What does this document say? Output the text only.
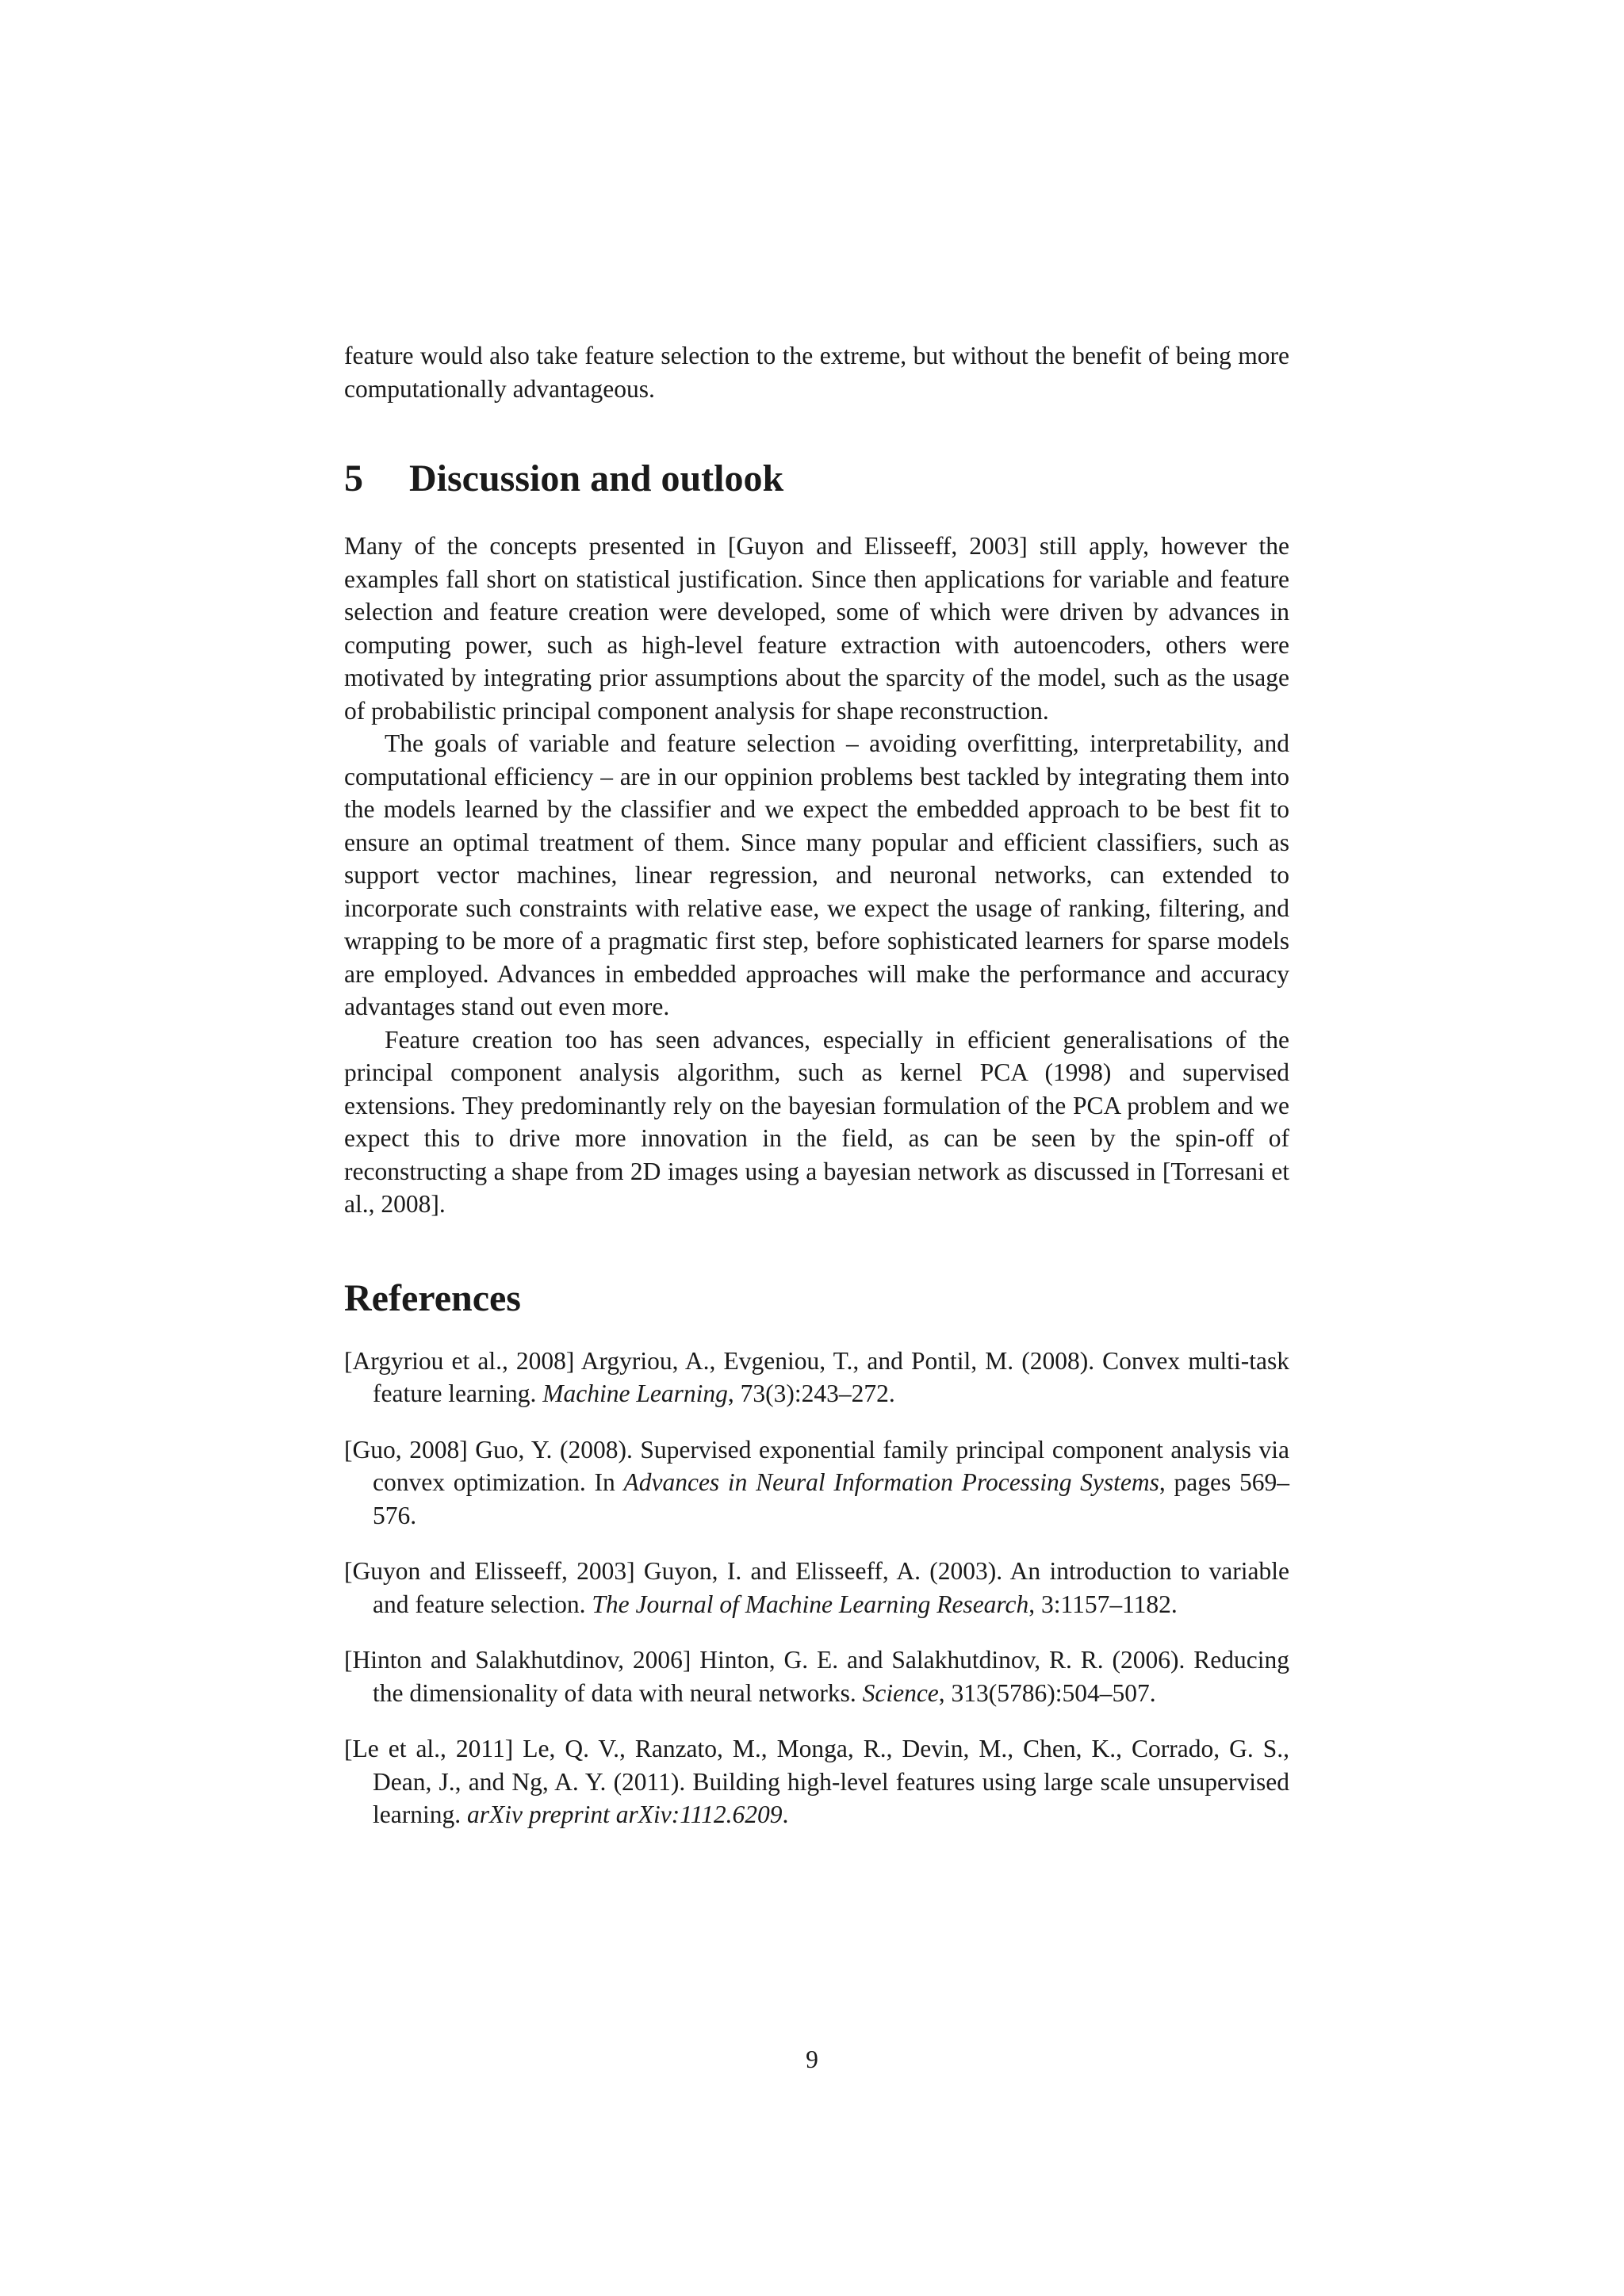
feature would also take feature selection to the extreme, but without the benefit of being more computationally advantageous.

5 Discussion and outlook

Many of the concepts presented in [Guyon and Elisseeff, 2003] still apply, however the examples fall short on statistical justification. Since then applications for variable and feature selection and feature creation were developed, some of which were driven by advances in computing power, such as high-level feature extraction with autoencoders, others were motivated by integrating prior assumptions about the sparcity of the model, such as the usage of probabilistic principal component analysis for shape reconstruction.

The goals of variable and feature selection – avoiding overfitting, interpretability, and computational efficiency – are in our oppinion problems best tackled by integrating them into the models learned by the classifier and we expect the embedded approach to be best fit to ensure an optimal treatment of them. Since many popular and efficient classifiers, such as support vector machines, linear regression, and neuronal networks, can extended to incorporate such constraints with relative ease, we expect the usage of ranking, filtering, and wrapping to be more of a pragmatic first step, before sophisticated learners for sparse models are employed. Advances in embedded approaches will make the performance and accuracy advantages stand out even more.

Feature creation too has seen advances, especially in efficient generalisations of the principal component analysis algorithm, such as kernel PCA (1998) and supervised extensions. They predominantly rely on the bayesian formulation of the PCA problem and we expect this to drive more innovation in the field, as can be seen by the spin-off of reconstructing a shape from 2D images using a bayesian network as discussed in [Torresani et al., 2008].

References
[Argyriou et al., 2008] Argyriou, A., Evgeniou, T., and Pontil, M. (2008). Convex multi-task feature learning. Machine Learning, 73(3):243–272.
[Guo, 2008] Guo, Y. (2008). Supervised exponential family principal component analysis via convex optimization. In Advances in Neural Information Processing Systems, pages 569–576.
[Guyon and Elisseeff, 2003] Guyon, I. and Elisseeff, A. (2003). An introduction to variable and feature selection. The Journal of Machine Learning Research, 3:1157–1182.
[Hinton and Salakhutdinov, 2006] Hinton, G. E. and Salakhutdinov, R. R. (2006). Reducing the dimensionality of data with neural networks. Science, 313(5786):504–507.
[Le et al., 2011] Le, Q. V., Ranzato, M., Monga, R., Devin, M., Chen, K., Corrado, G. S., Dean, J., and Ng, A. Y. (2011). Building high-level features using large scale unsupervised learning. arXiv preprint arXiv:1112.6209.
9
